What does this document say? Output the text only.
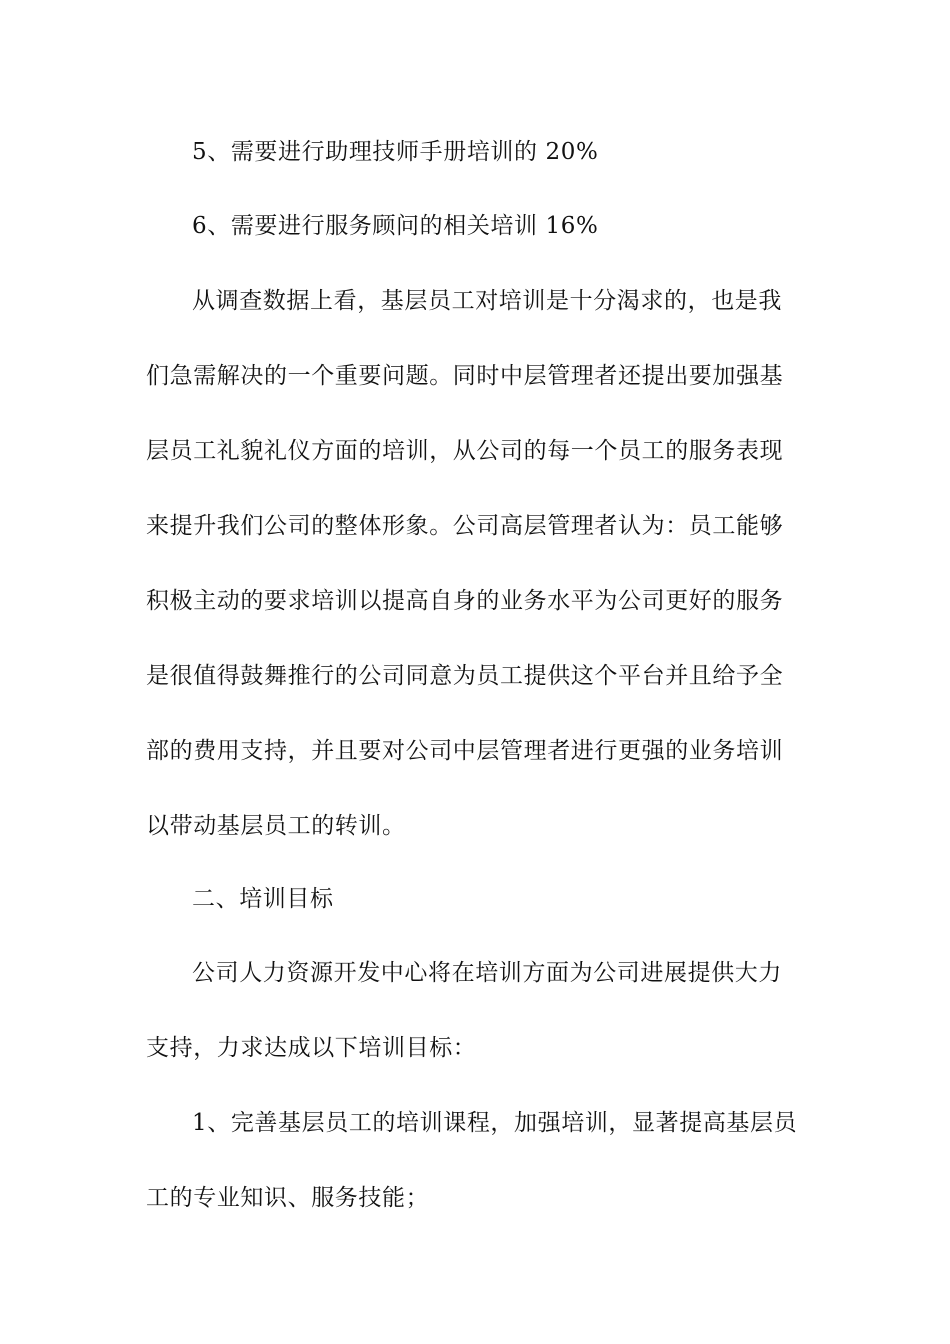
5、需要进行助理技师手册培训的 20%
6、需要进行服务顾问的相关培训 16%
从调查数据上看，基层员工对培训是十分渴求的，也是我
们急需解决的一个重要问题。同时中层管理者还提出要加强基
层员工礼貌礼仪方面的培训，从公司的每一个员工的服务表现
来提升我们公司的整体形象。公司高层管理者认为：员工能够
积极主动的要求培训以提高自身的业务水平为公司更好的服务
是很值得鼓舞推行的公司同意为员工提供这个平台并且给予全
部的费用支持，并且要对公司中层管理者进行更强的业务培训
以带动基层员工的转训。
二、培训目标
公司人力资源开发中心将在培训方面为公司进展提供大力
支持，力求达成以下培训目标：
1、完善基层员工的培训课程，加强培训，显著提高基层员
工的专业知识、服务技能；
